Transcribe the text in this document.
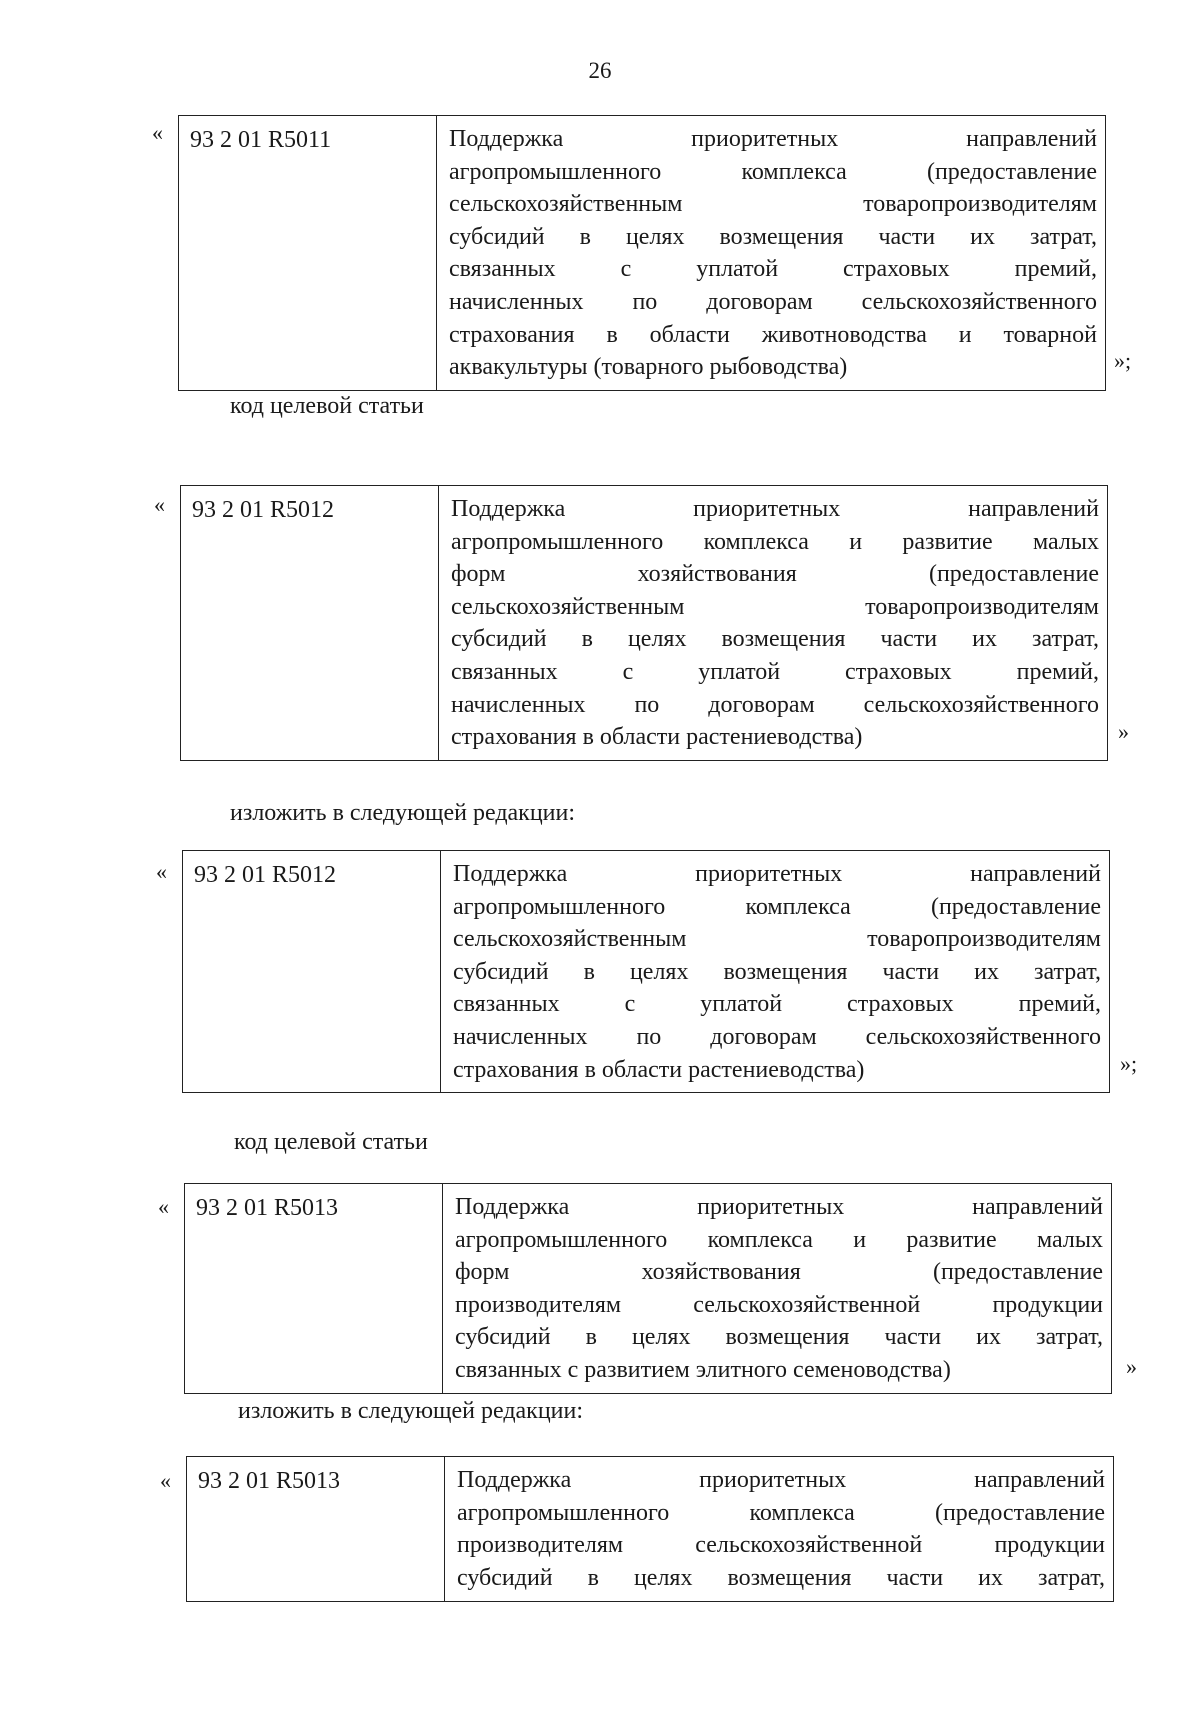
26
код целевой статьи
изложить в следующей редакции:
код целевой статьи
изложить в следующей редакции:
« 93 2 01 R5011	Поддержка приоритетных направлений
агропромышленного комплекса (предоставление
сельскохозяйственным товаропроизводителям
субсидий в целях возмещения части их затрат,
связанных с уплатой страховых премий,
начисленных по договорам сельскохозяйственного
страхования в области животноводства и товарной
аквакультуры (товарного рыбоводства)	»;
« 93 2 01 R5012	Поддержка приоритетных направлений
агропромышленного комплекса и развитие малых
форм хозяйствования (предоставление
сельскохозяйственным товаропроизводителям
субсидий в целях возмещения части их затрат,
связанных с уплатой страховых премий,
начисленных по договорам сельскохозяйственного
страхования в области растениеводства)	»
« 93 2 01 R5012	Поддержка приоритетных направлений
агропромышленного комплекса (предоставление
сельскохозяйственным товаропроизводителям
субсидий в целях возмещения части их затрат,
связанных с уплатой страховых премий,
начисленных по договорам сельскохозяйственного
страхования в области растениеводства)	»;
« 93 2 01 R5013	Поддержка приоритетных направлений
агропромышленного комплекса и развитие малых
форм хозяйствования (предоставление
производителям сельскохозяйственной продукции
субсидий в целях возмещения части их затрат,
связанных с развитием элитного семеноводства)	»
« 93 2 01 R5013	Поддержка приоритетных направлений
агропромышленного комплекса (предоставление
производителям сельскохозяйственной продукции
субсидий в целях возмещения части их затрат,
